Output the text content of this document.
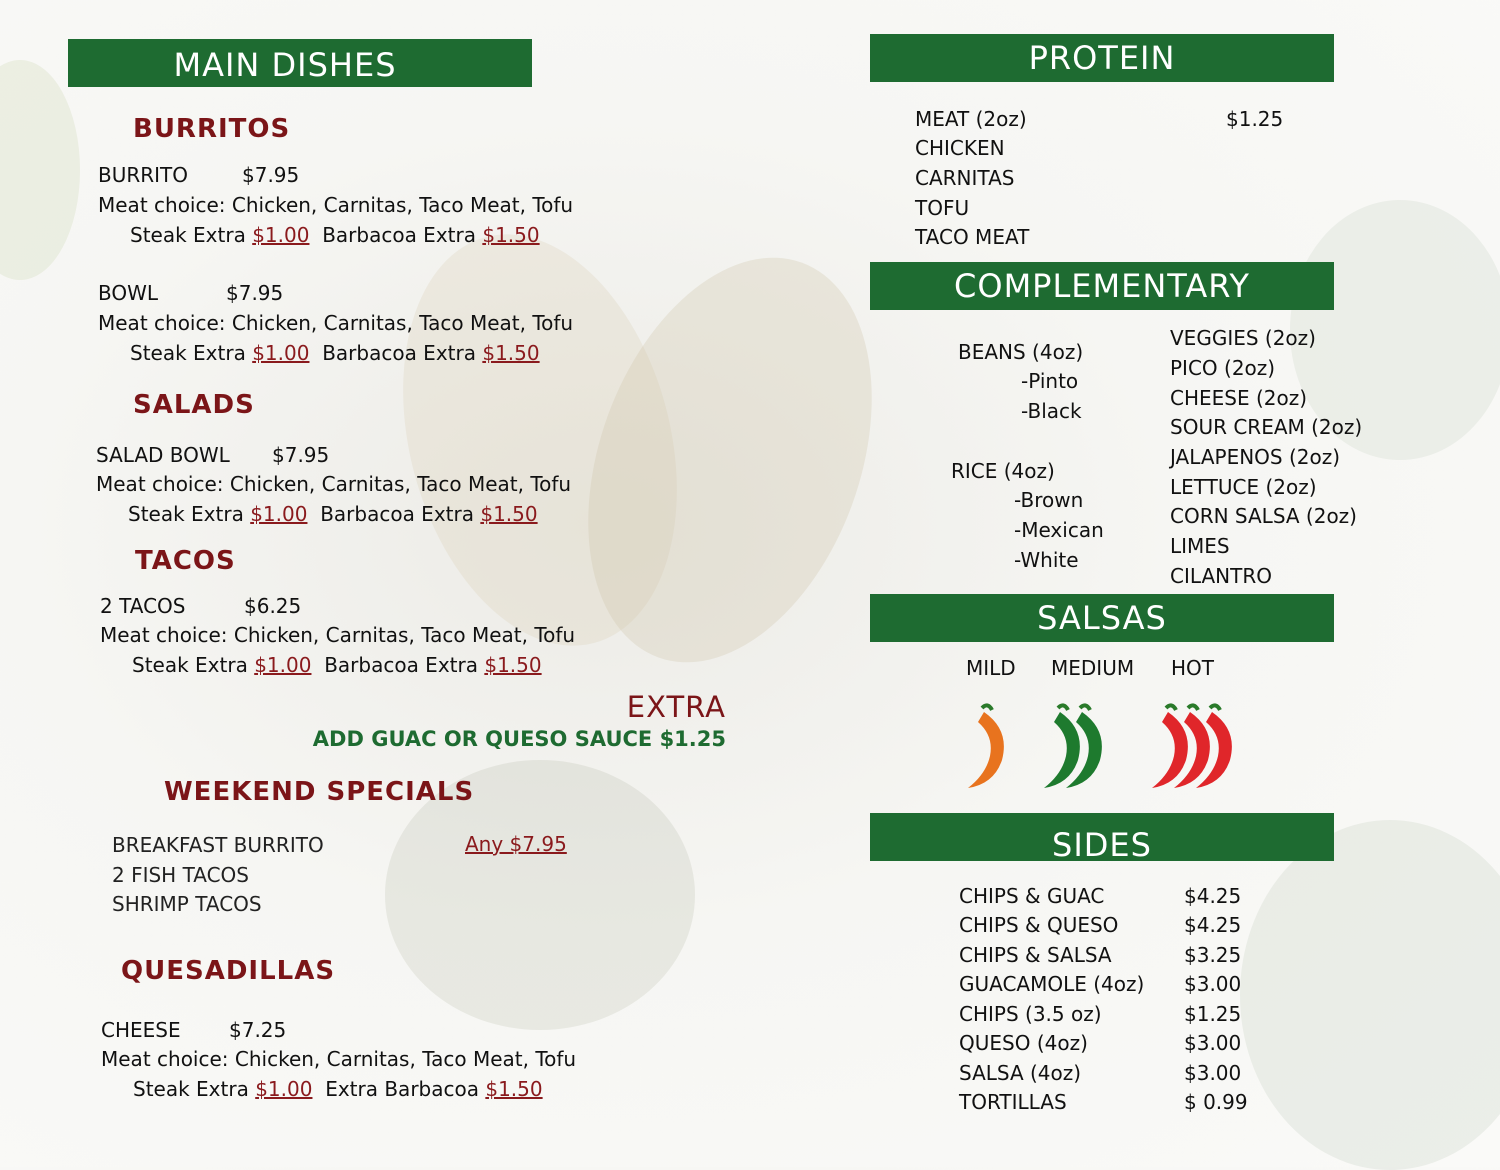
MAIN DISHES
BURRITOS
BURRITO	$7.95
Meat choice: Chicken, Carnitas, Taco Meat, Tofu
Steak Extra $1.00 Barbacoa Extra $1.50
BOWL	$7.95
Meat choice: Chicken, Carnitas, Taco Meat, Tofu
Steak Extra $1.00 Barbacoa Extra $1.50
SALADS
SALAD BOWL $7.95
Meat choice: Chicken, Carnitas, Taco Meat, Tofu
Steak Extra $1.00 Barbacoa Extra $1.50
TACOS
2 TACOS	$6.25
Meat choice: Chicken, Carnitas, Taco Meat, Tofu
Steak Extra $1.00 Barbacoa Extra $1.50
EXTRA
ADD GUAC OR QUESO SAUCE $1.25
WEEKEND SPECIALS
BREAKFAST BURRITO
2 FISH TACOS
SHRIMP TACOS
Any $7.95
QUESADILLAS
CHEESE $7.25
Meat choice: Chicken, Carnitas, Taco Meat, Tofu
Steak Extra $1.00 Extra Barbacoa $1.50
PROTEIN
MEAT (2oz)
CHICKEN
CARNITAS
TOFU
TACO MEAT
$1.25
COMPLEMENTARY
BEANS (4oz)
-Pinto
-Black
RICE (4oz)
-Brown
-Mexican
-White
VEGGIES (2oz)
PICO (2oz)
CHEESE (2oz)
SOUR CREAM (2oz)
JALAPENOS (2oz)
LETTUCE (2oz)
CORN SALSA (2oz)
LIMES
CILANTRO
SALSAS
MILD MEDIUM HOT
SIDES
CHIPS & GUAC	$4.25
CHIPS & QUESO	$4.25
CHIPS & SALSA	$3.25
GUACAMOLE (4oz) $3.00
CHIPS (3.5 oz)	$1.25
QUESO (4oz)	$3.00
SALSA (4oz)	$3.00
TORTILLAS	$ 0.99
